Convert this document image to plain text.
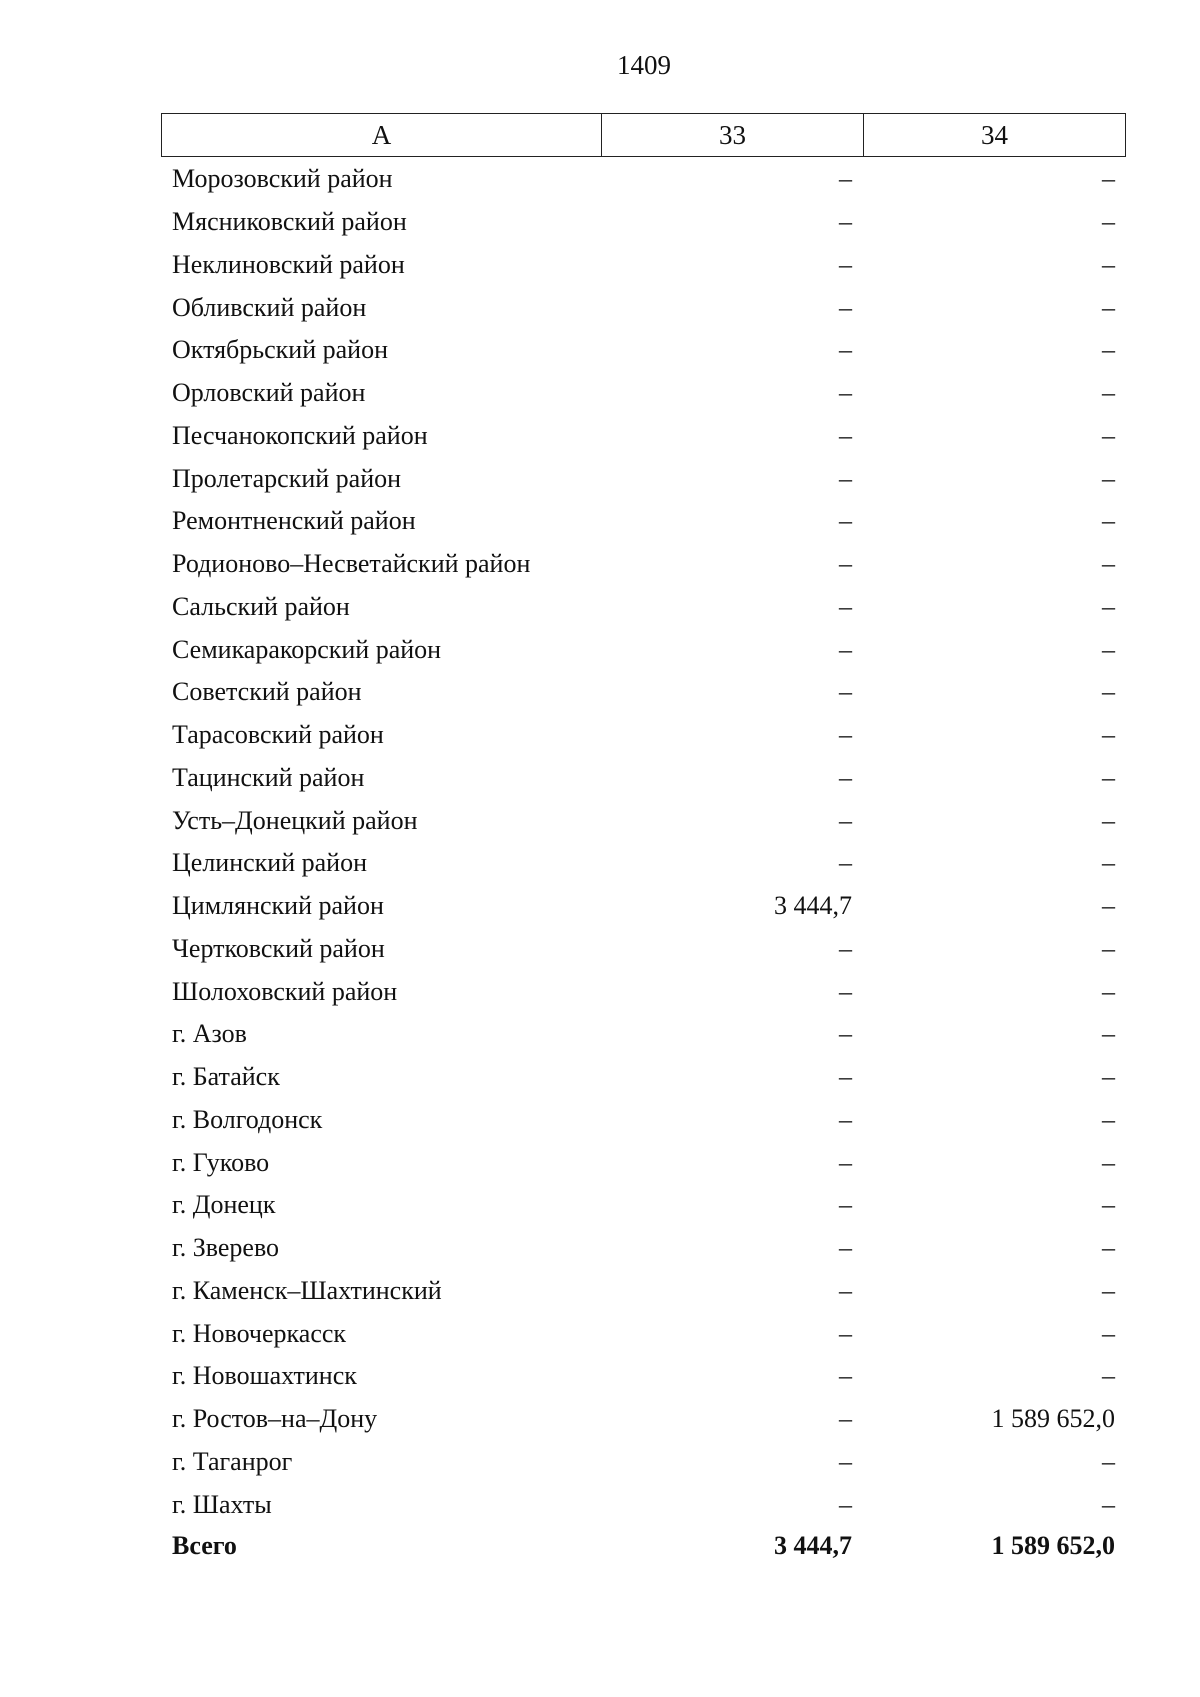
1409
А	33	34
Морозовский район	–	–
Мясниковский район	–	–
Неклиновский район	–	–
Обливский район	–	–
Октябрьский район	–	–
Орловский район	–	–
Песчанокопский район	–	–
Пролетарский район	–	–
Ремонтненский район	–	–
Родионово–Несветайский район	–	–
Сальский район	–	–
Семикаракорский район	–	–
Советский район	–	–
Тарасовский район	–	–
Тацинский район	–	–
Усть–Донецкий район	–	–
Целинский район	–	–
Цимлянский район	3 444,7	–
Чертковский район	–	–
Шолоховский район	–	–
г. Азов	–	–
г. Батайск	–	–
г. Волгодонск	–	–
г. Гуково	–	–
г. Донецк	–	–
г. Зверево	–	–
г. Каменск–Шахтинский	–	–
г. Новочеркасск	–	–
г. Новошахтинск	–	–
г. Ростов–на–Дону	–	1 589 652,0
г. Таганрог	–	–
г. Шахты	–	–
Всего	3 444,7	1 589 652,0
